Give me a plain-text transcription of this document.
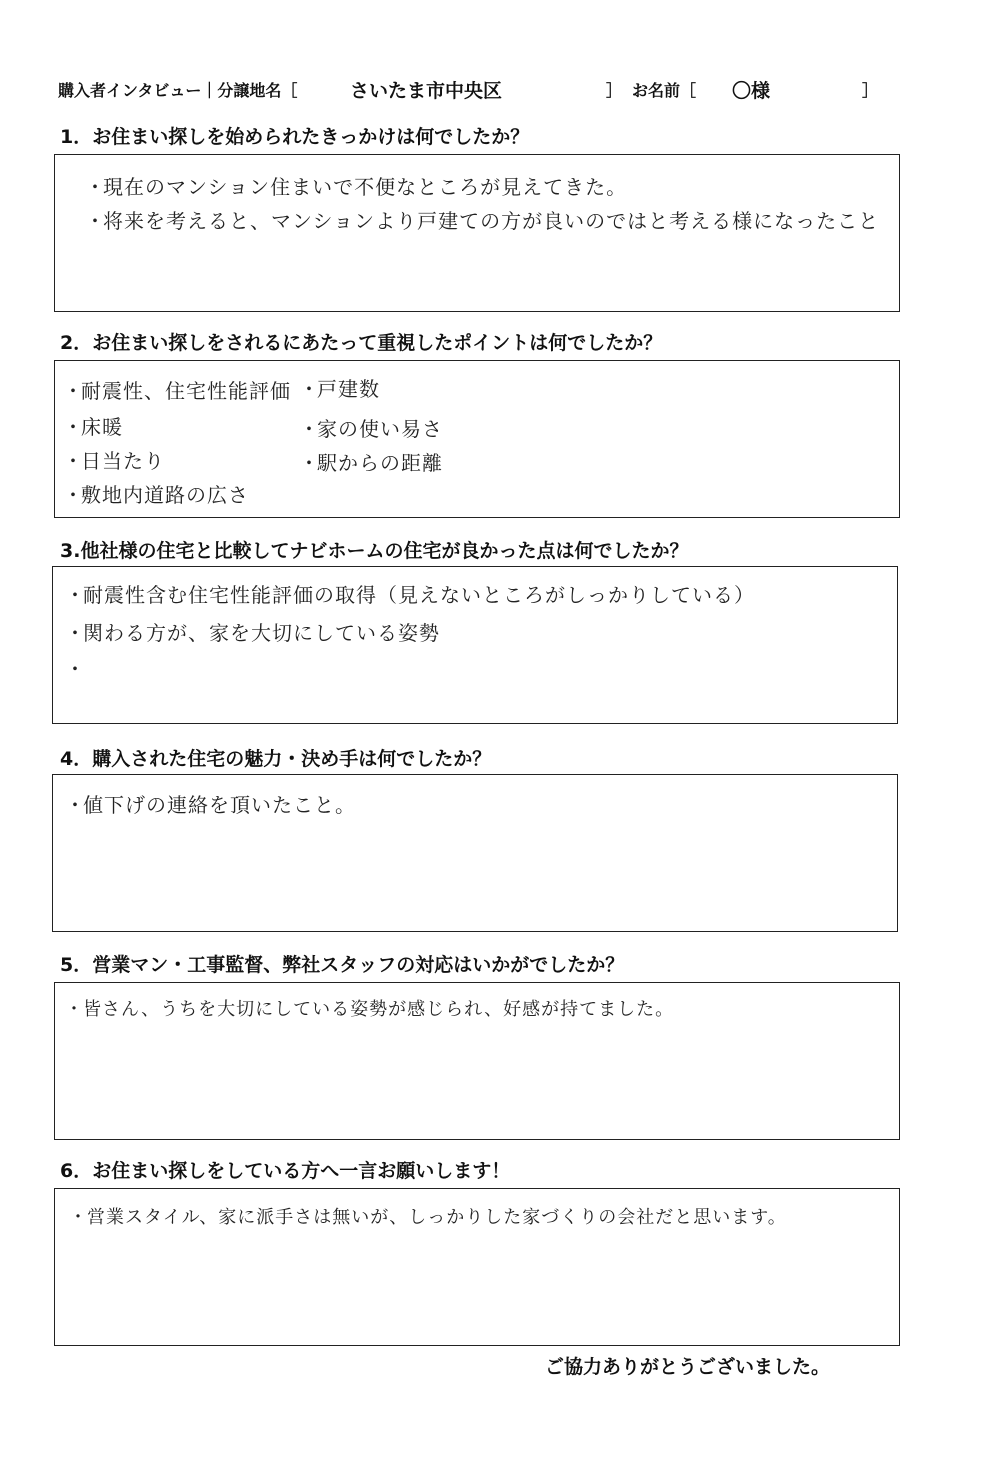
購入者インタビュー｜分譲地名［	さいたま市中央区	］ お名前［ 〇様	］
1．お住まい探しを始められたきっかけは何でしたか？
・現在のマンション住まいで不便なところが見えてきた。
・将来を考えると、マンションより戸建ての方が良いのではと考える様になったこと
2．お住まい探しをされるにあたって重視したポイントは何でしたか？
・耐震性、住宅性能評価
・床暖
・日当たり
・敷地内道路の広さ
・戸建数
・家の使い易さ
・駅からの距離
3.他社様の住宅と比較してナビホームの住宅が良かった点は何でしたか？
・耐震性含む住宅性能評価の取得（見えないところがしっかりしている）
・関わる方が、家を大切にしている姿勢
・
4．購入された住宅の魅力・決め手は何でしたか？
・値下げの連絡を頂いたこと。
5．営業マン・工事監督、弊社スタッフの対応はいかがでしたか？
・皆さん、うちを大切にしている姿勢が感じられ、好感が持てました。
6．お住まい探しをしている方へ一言お願いします！
・営業スタイル、家に派手さは無いが、しっかりした家づくりの会社だと思います。
ご協力ありがとうございました。
